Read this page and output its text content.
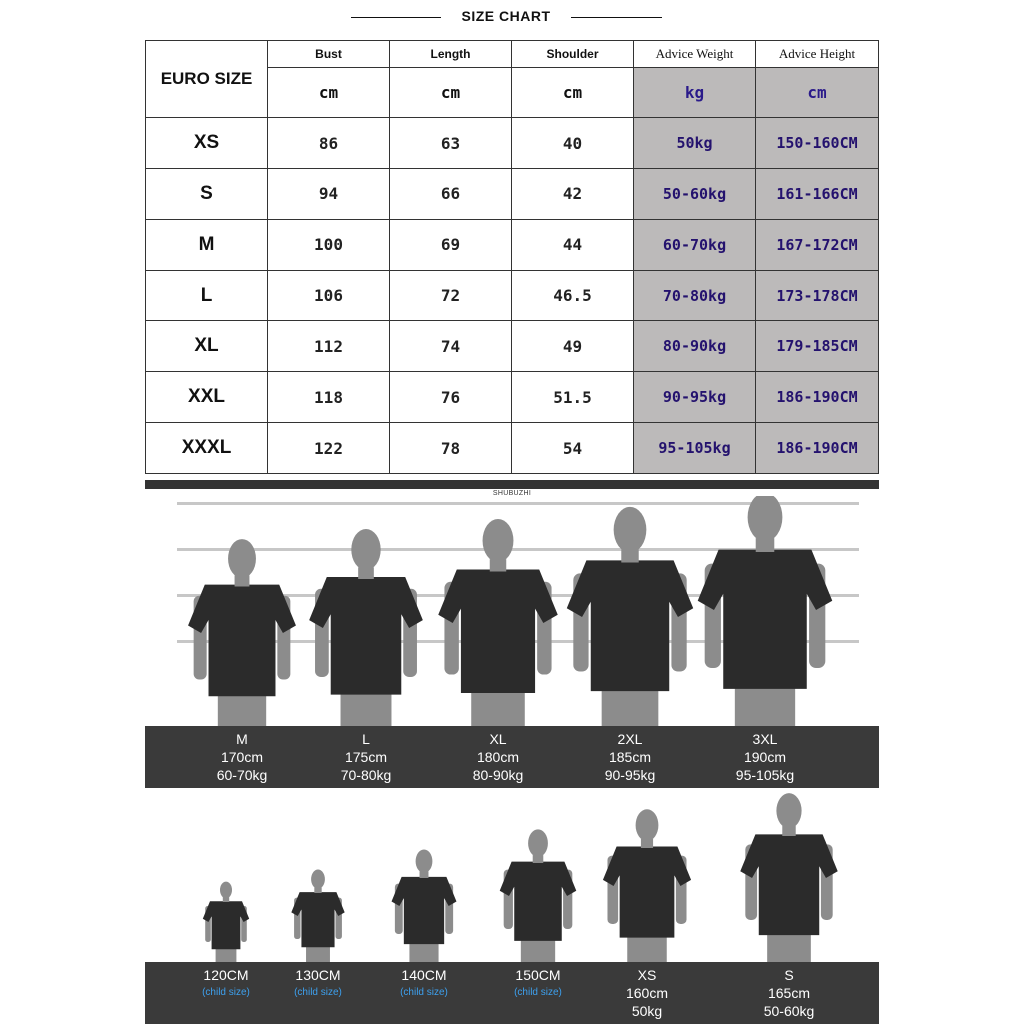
SIZE CHART
EURO SIZE	Bust	Length	Shoulder	Advice Weight	Advice Height
	cm	cm	cm	kg	cm
XS	86	63	40	50kg	150-160CM
S	94	66	42	50-60kg	161-166CM
M	100	69	44	60-70kg	167-172CM
L	106	72	46.5	70-80kg	173-178CM
XL	112	74	49	80-90kg	179-185CM
XXL	118	76	51.5	90-95kg	186-190CM
XXXL	122	78	54	95-105kg	186-190CM
SHUBUZHI
M
170cm
60-70kg
L
175cm
70-80kg
XL
180cm
80-90kg
2XL
185cm
90-95kg
3XL
190cm
95-105kg
120CM
(child size)
130CM
(child size)
140CM
(child size)
150CM
(child size)
XS
160cm
50kg
S
165cm
50-60kg
